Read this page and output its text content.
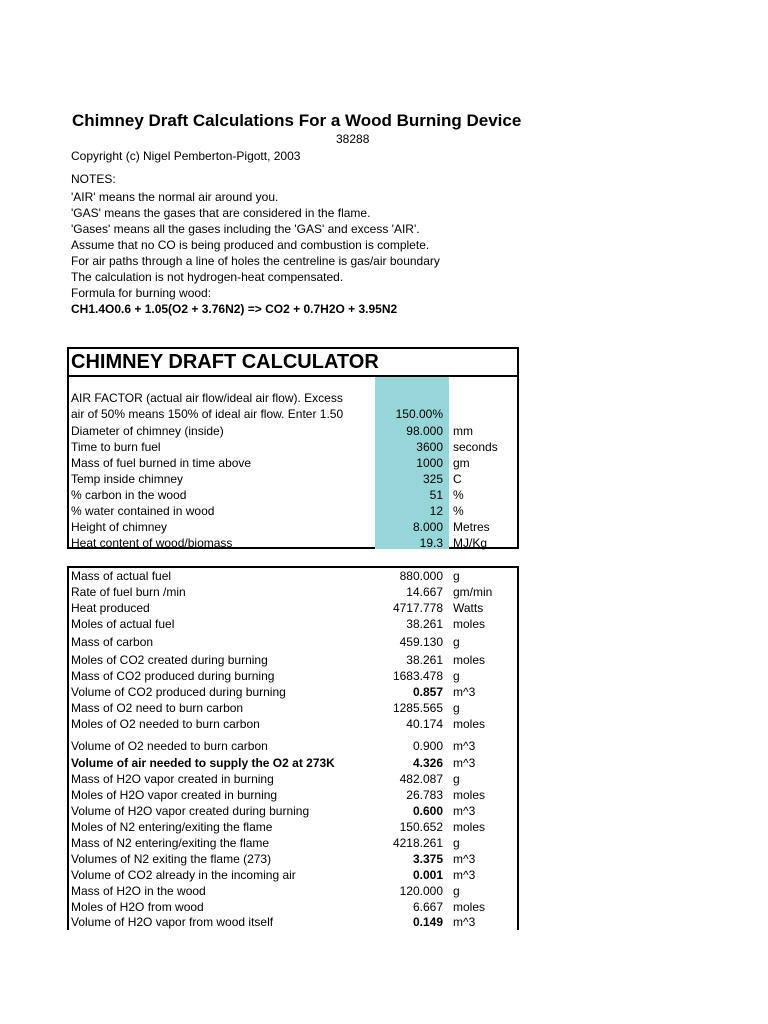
Chimney Draft Calculations For a Wood Burning Device
38288
Copyright (c) Nigel Pemberton-Pigott, 2003
NOTES:
'AIR' means the normal air around you.
'GAS' means the gases that are considered in the flame.
'Gases' means all the gases including the 'GAS' and excess 'AIR'.
Assume that no CO is being produced and combustion is complete.
For air paths through a line of holes the centreline is gas/air boundary
The calculation is not hydrogen-heat compensated.
Formula for burning wood:
CH1.4O0.6 + 1.05(O2 + 3.76N2) => CO2 + 0.7H2O + 3.95N2
CHIMNEY DRAFT CALCULATOR
AIR FACTOR (actual air flow/ideal air flow). Excess
air of 50% means 150% of ideal air flow. Enter 1.50	150.00%
Diameter of chimney (inside)	98.000 mm
Time to burn fuel	3600 seconds
Mass of fuel burned in time above	1000 gm
Temp inside chimney	325 C
% carbon in the wood	51 %
% water contained in wood	12 %
Height of chimney	8.000 Metres
Heat content of wood/biomass	19.3 MJ/Kg
Mass of actual fuel	880.000 g
Rate of fuel burn /min	14.667 gm/min
Heat produced	4717.778 Watts
Moles of actual fuel	38.261 moles
Mass of carbon	459.130 g
Moles of CO2 created during burning	38.261 moles
Mass of CO2 produced during burning	1683.478 g
Volume of CO2 produced during burning	0.857 m^3
Mass of O2 need to burn carbon	1285.565 g
Moles of O2 needed to burn carbon	40.174 moles
Volume of O2 needed to burn carbon	0.900 m^3
Volume of air needed to supply the O2 at 273K	4.326 m^3
Mass of H2O vapor created in burning	482.087 g
Moles of H2O vapor created in burning	26.783 moles
Volume of H2O vapor created during burning	0.600 m^3
Moles of N2 entering/exiting the flame	150.652 moles
Mass of N2 entering/exiting the flame	4218.261 g
Volumes of N2 exiting the flame (273)	3.375 m^3
Volume of CO2 already in the incoming air	0.001 m^3
Mass of H2O in the wood	120.000 g
Moles of H2O from wood	6.667 moles
Volume of H2O vapor from wood itself	0.149 m^3
